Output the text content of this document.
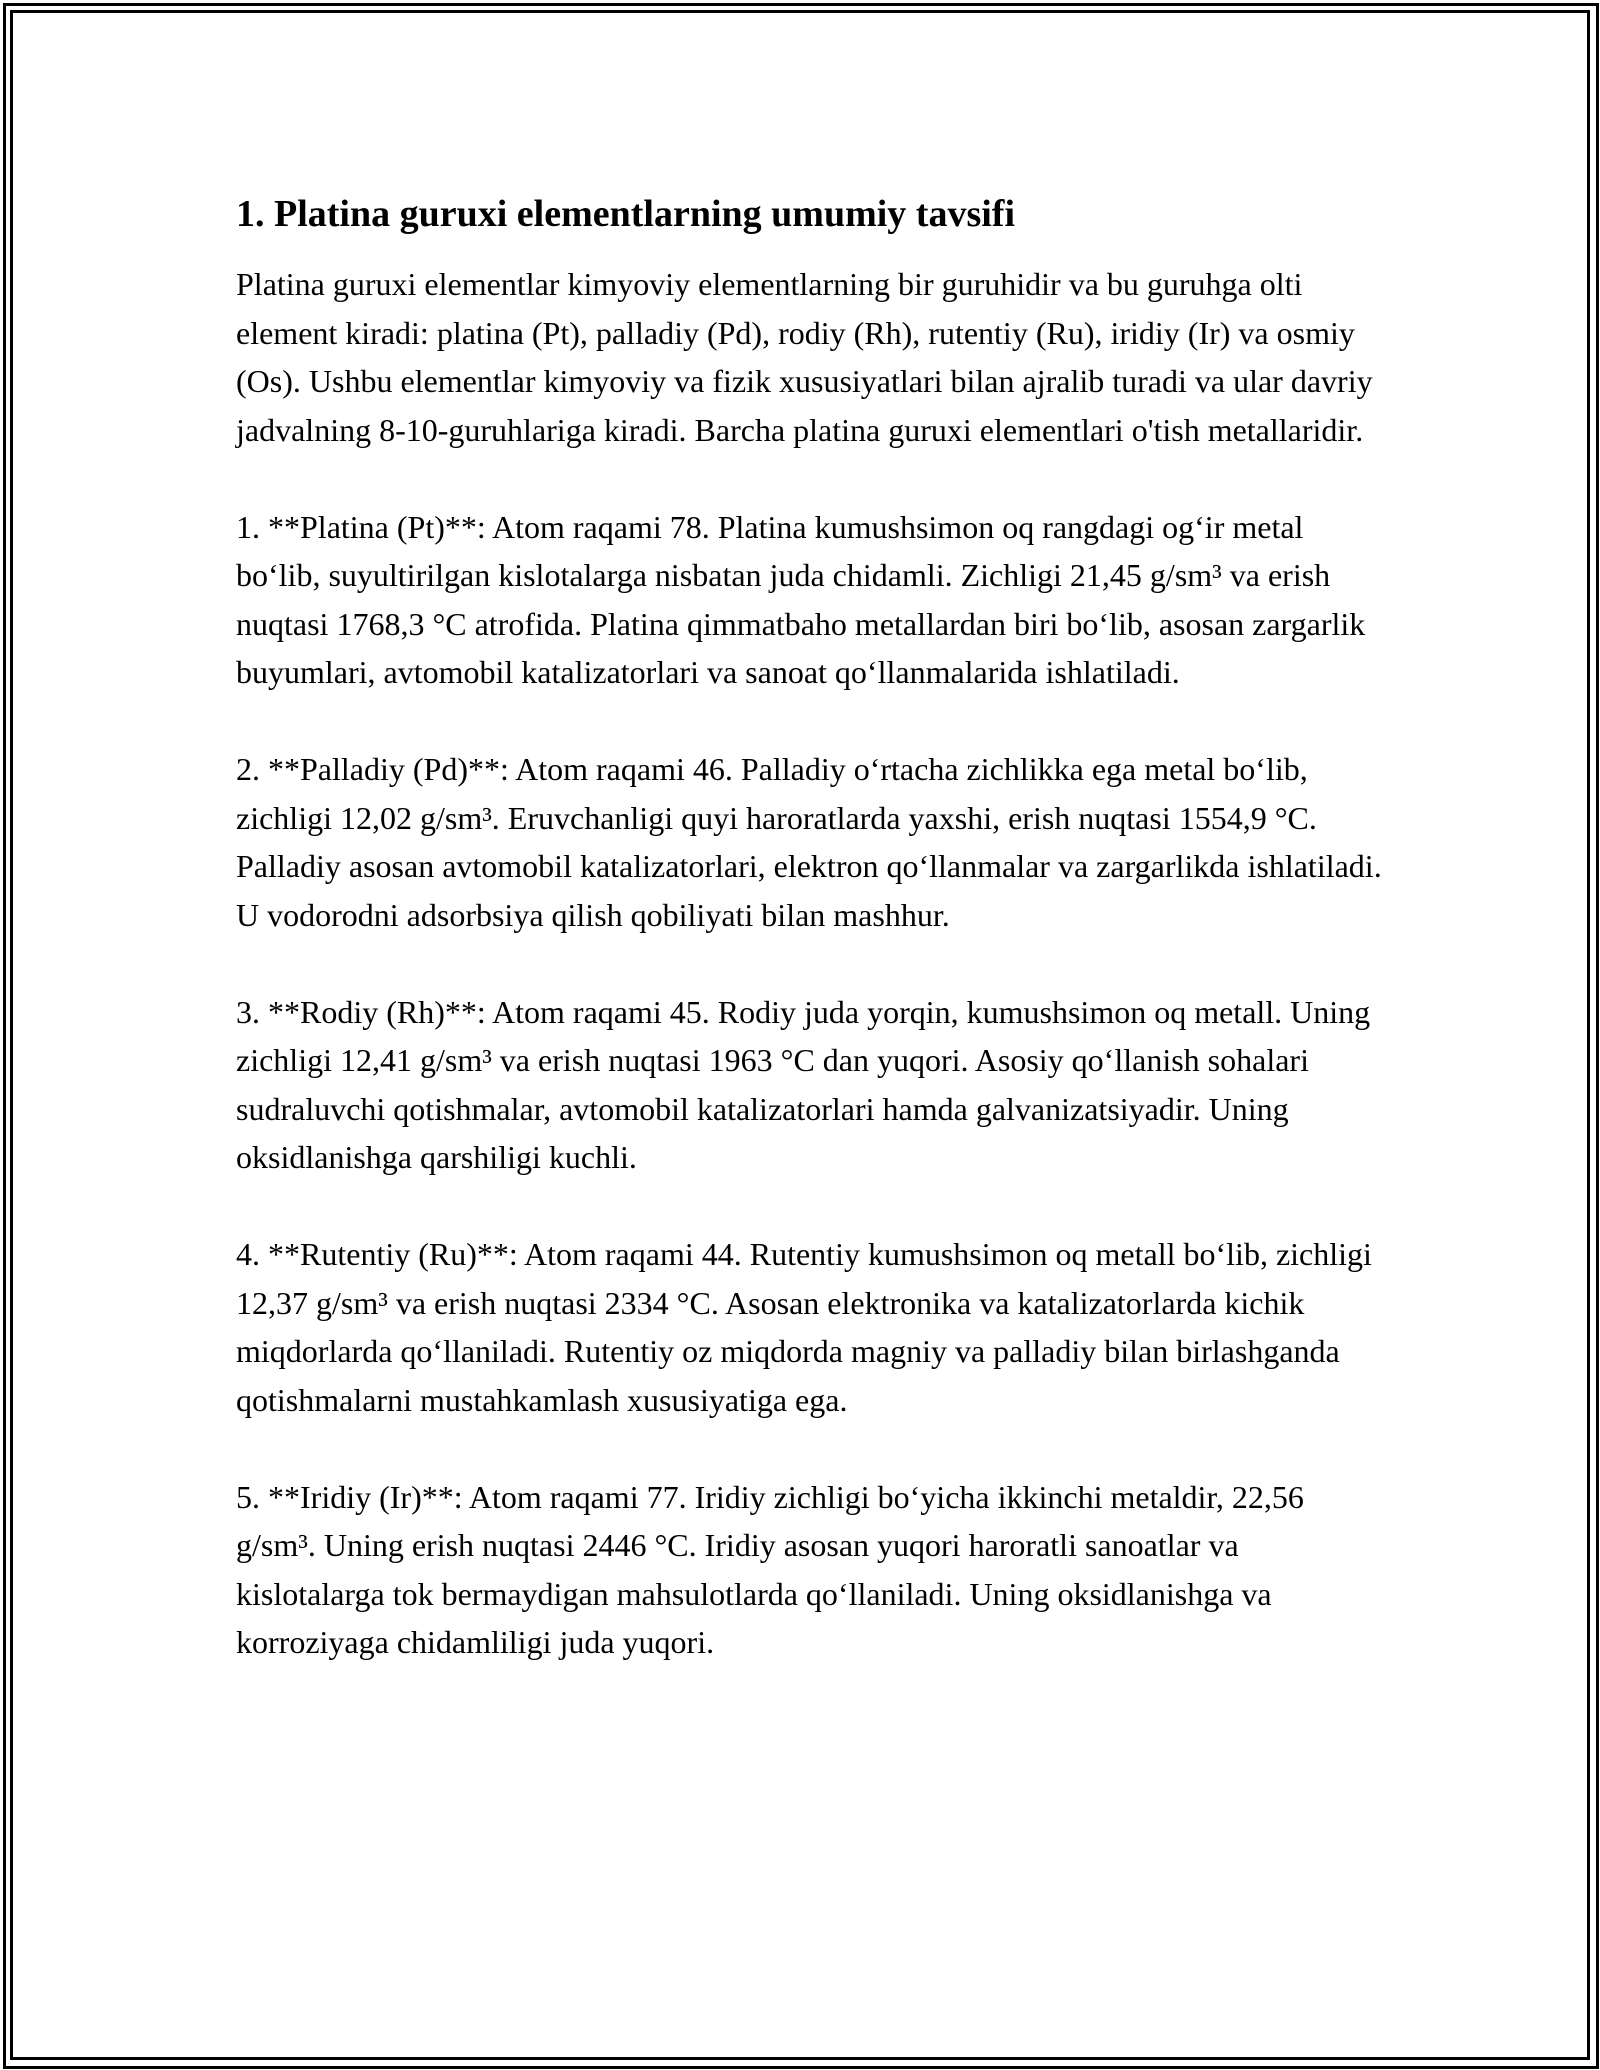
1. Platina guruxi elementlarning umumiy tavsifi

Platina guruxi elementlar kimyoviy elementlarning bir guruhidir va bu guruhga olti element kiradi: platina (Pt), palladiy (Pd), rodiy (Rh), rutentiy (Ru), iridiy (Ir) va osmiy (Os). Ushbu elementlar kimyoviy va fizik xususiyatlari bilan ajralib turadi va ular davriy jadvalning 8-10-guruhlariga kiradi. Barcha platina guruxi elementlari o'tish metallaridir.

1. **Platina (Pt)**: Atom raqami 78. Platina kumushsimon oq rangdagi og‘ir metal bo‘lib, suyultirilgan kislotalarga nisbatan juda chidamli. Zichligi 21,45 g/sm³ va erish nuqtasi 1768,3 °C atrofida. Platina qimmatbaho metallardan biri bo‘lib, asosan zargarlik buyumlari, avtomobil katalizatorlari va sanoat qo‘llanmalarida ishlatiladi.

2. **Palladiy (Pd)**: Atom raqami 46. Palladiy o‘rtacha zichlikka ega metal bo‘lib, zichligi 12,02 g/sm³. Eruvchanligi quyi haroratlarda yaxshi, erish nuqtasi 1554,9 °C. Palladiy asosan avtomobil katalizatorlari, elektron qo‘llanmalar va zargarlikda ishlatiladi. U vodorodni adsorbsiya qilish qobiliyati bilan mashhur.

3. **Rodiy (Rh)**: Atom raqami 45. Rodiy juda yorqin, kumushsimon oq metall. Uning zichligi 12,41 g/sm³ va erish nuqtasi 1963 °C dan yuqori. Asosiy qo‘llanish sohalari sudraluvchi qotishmalar, avtomobil katalizatorlari hamda galvanizatsiyadir. Uning oksidlanishga qarshiligi kuchli.

4. **Rutentiy (Ru)**: Atom raqami 44. Rutentiy kumushsimon oq metall bo‘lib, zichligi 12,37 g/sm³ va erish nuqtasi 2334 °C. Asosan elektronika va katalizatorlarda kichik miqdorlarda qo‘llaniladi. Rutentiy oz miqdorda magniy va palladiy bilan birlashganda qotishmalarni mustahkamlash xususiyatiga ega.

5. **Iridiy (Ir)**: Atom raqami 77. Iridiy zichligi bo‘yicha ikkinchi metaldir, 22,56 g/sm³. Uning erish nuqtasi 2446 °C. Iridiy asosan yuqori haroratli sanoatlar va kislotalarga tok bermaydigan mahsulotlarda qo‘llaniladi. Uning oksidlanishga va korroziyaga chidamliligi juda yuqori.
